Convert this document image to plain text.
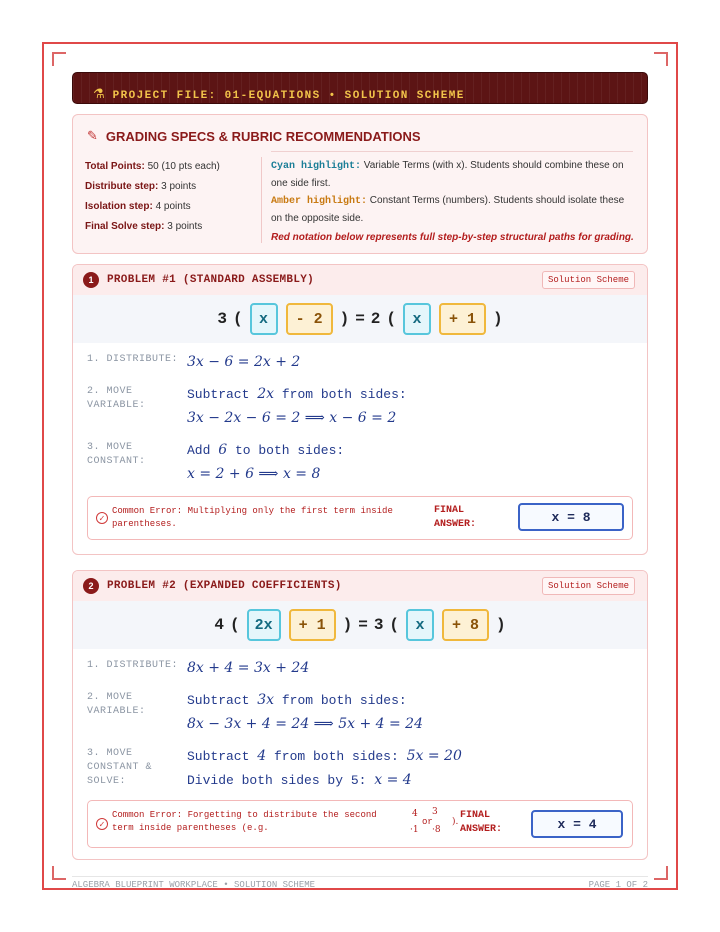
⚗ PROJECT FILE: 01-EQUATIONS • SOLUTION SCHEME
✎ GRADING SPECS & RUBRIC RECOMMENDATIONS
Total Points: 50 (10 pts each)
Distribute step: 3 points
Isolation step: 4 points
Final Solve step: 3 points
Cyan highlight: Variable Terms (with x). Students should combine these on one side first.
Amber highlight: Constant Terms (numbers). Students should isolate these on the opposite side.
Red notation below represents full step-by-step structural paths for grading.
1	PROBLEM #1 (STANDARD ASSEMBLY)	Solution Scheme
3 (	x	- 2	) = 2 (	x	+ 1	)
1. DISTRIBUTE: 3x − 6 = 2x + 2
2. MOVE VARIABLE:
Subtract 2x from both sides:
3x − 2x − 6 = 2 ⟹ x − 6 = 2
3. MOVE CONSTANT:
Add 6 to both sides:
x = 2 + 6 ⟹ x = 8
✓
Common Error: Multiplying only the first term inside parentheses.
FINAL ANSWER:	x = 8
2	PROBLEM #2 (EXPANDED COEFFICIENTS)	Solution Scheme
4 (	2x	+ 1	) = 3 (	x	+ 8	)
1. DISTRIBUTE: 8x + 4 = 3x + 24
2. MOVE VARIABLE:
Subtract 3x from both sides:
8x − 3x + 4 = 24 ⟹ 5x + 4 = 24
3. MOVE CONSTANT & SOLVE:
Subtract 4 from both sides: 5x = 20
Divide both sides by 5: x = 4
✓
Common Error: Forgetting to distribute the second term inside parentheses (e.g.
4 3
·1
or
·8
).
FINAL ANSWER:	x = 4
ALGEBRA BLUEPRINT WORKPLACE • SOLUTION SCHEME	PAGE 1 OF 2
